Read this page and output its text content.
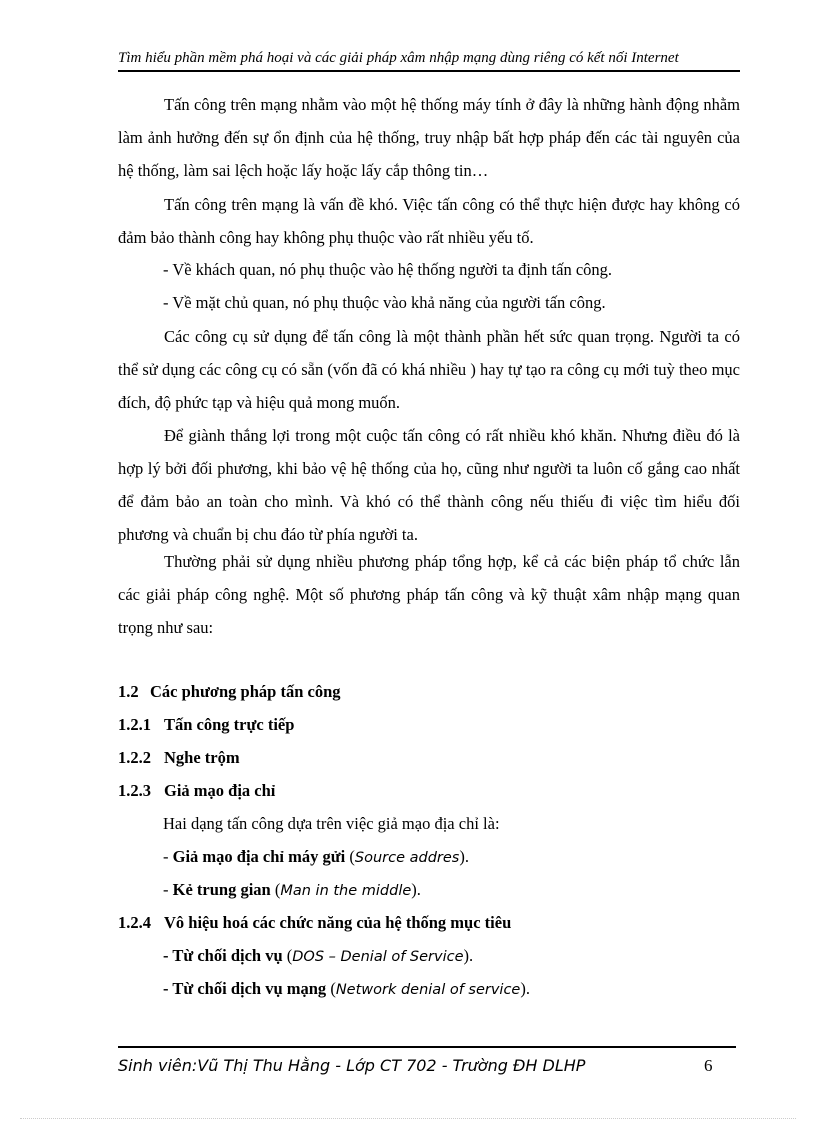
Tìm hiểu phần mềm phá hoại và các giải pháp xâm nhập mạng dùng riêng có kết nối Internet
Tấn công trên mạng nhằm vào một hệ thống máy tính ở đây là những hành động nhằm làm ảnh hưởng đến sự ổn định của hệ thống, truy nhập bất hợp pháp đến các tài nguyên của hệ thống, làm sai lệch hoặc lấy hoặc lấy cắp thông tin…
Tấn công trên mạng là vấn đề khó. Việc tấn công có thể thực hiện được hay không có đảm bảo thành công hay không phụ thuộc vào rất nhiều yếu tố.
- Về khách quan, nó phụ thuộc vào hệ thống người ta định tấn công.
- Về mặt chủ quan, nó phụ thuộc vào khả năng của người tấn công.
Các công cụ sử dụng để tấn công là một thành phần hết sức quan trọng. Người ta có thể sử dụng các công cụ có sẵn (vốn đã có khá nhiều ) hay tự tạo ra công cụ mới tuỳ theo mục đích, độ phức tạp và hiệu quả mong muốn.
Để giành thắng lợi trong một cuộc tấn công có rất nhiều khó khăn. Nhưng điều đó là hợp lý bởi đối phương, khi bảo vệ hệ thống của họ, cũng như người ta luôn cố gắng cao nhất để đảm bảo an toàn cho mình. Và khó có thể thành công nếu thiếu đi việc tìm hiểu đối phương và chuẩn bị chu đáo từ phía người ta.
Thường phải sử dụng nhiều phương pháp tổng hợp, kể cả các biện pháp tổ chức lẫn các giải pháp công nghệ. Một số phương pháp tấn công và kỹ thuật xâm nhập mạng quan trọng như sau:
1.2 Các phương pháp tấn công
1.2.1 Tấn công trực tiếp
1.2.2 Nghe trộm
1.2.3 Giả mạo địa chỉ
Hai dạng tấn công dựa trên việc giả mạo địa chỉ là:
- Giả mạo địa chỉ máy gửi (Source addres).
- Kẻ trung gian (Man in the middle).
1.2.4 Vô hiệu hoá các chức năng của hệ thống mục tiêu
- Từ chối dịch vụ (DOS – Denial of Service).
- Từ chối dịch vụ mạng (Network denial of service).
Sinh viên:Vũ Thị Thu Hằng - Lớp CT 702 - Trường ĐH DLHP	6
